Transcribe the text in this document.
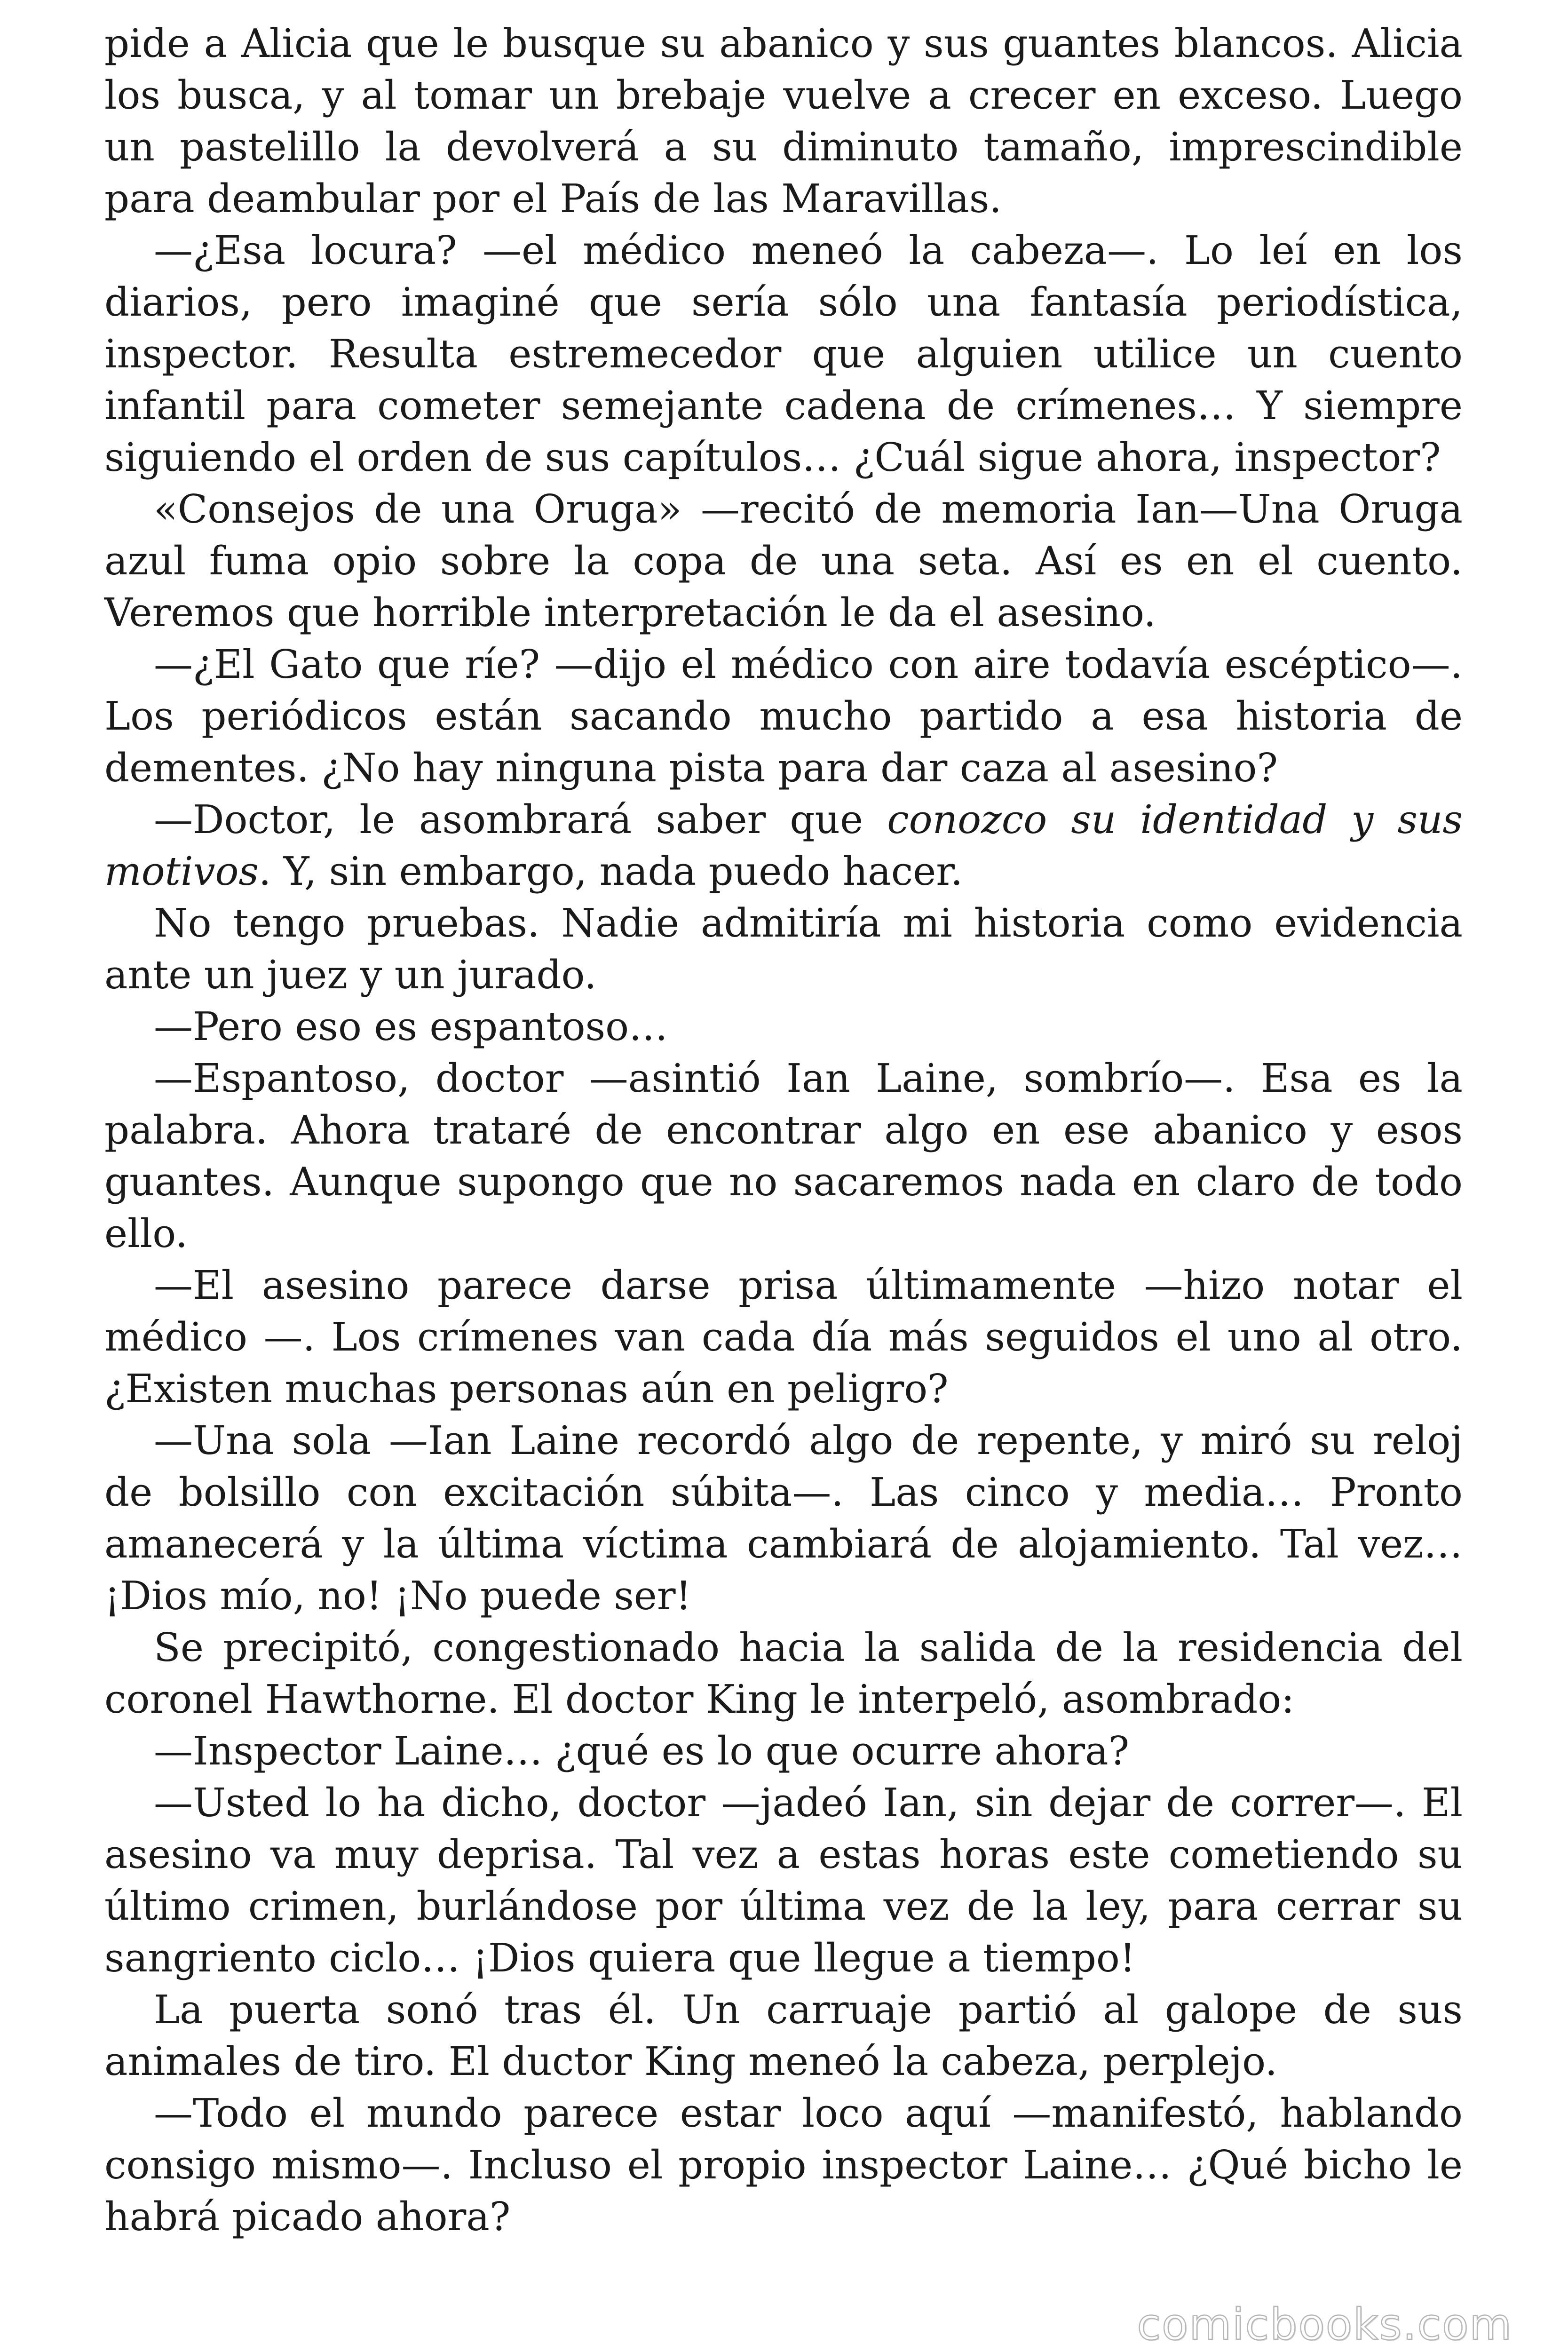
pide a Alicia que le busque su abanico y sus guantes blancos. Alicia los busca, y al tomar un brebaje vuelve a crecer en exceso. Luego un pastelillo la devolverá a su diminuto tamaño, imprescindible para deambular por el País de las Maravillas.

—¿Esa locura? —el médico meneó la cabeza—. Lo leí en los diarios, pero imaginé que sería sólo una fantasía periodística, inspector. Resulta estremecedor que alguien utilice un cuento infantil para cometer semejante cadena de crímenes… Y siempre siguiendo el orden de sus capítulos… ¿Cuál sigue ahora, inspector?

«Consejos de una Oruga» —recitó de memoria Ian—Una Oruga azul fuma opio sobre la copa de una seta. Así es en el cuento. Veremos que horrible interpretación le da el asesino.

—¿El Gato que ríe? —dijo el médico con aire todavía escéptico—. Los periódicos están sacando mucho partido a esa historia de dementes. ¿No hay ninguna pista para dar caza al asesino?

—Doctor, le asombrará saber que conozco su identidad y sus motivos. Y, sin embargo, nada puedo hacer.

No tengo pruebas. Nadie admitiría mi historia como evidencia ante un juez y un jurado.

—Pero eso es espantoso…

—Espantoso, doctor —asintió Ian Laine, sombrío—. Esa es la palabra. Ahora trataré de encontrar algo en ese abanico y esos guantes. Aunque supongo que no sacaremos nada en claro de todo ello.

—El asesino parece darse prisa últimamente —hizo notar el médico —. Los crímenes van cada día más seguidos el uno al otro. ¿Existen muchas personas aún en peligro?

—Una sola —Ian Laine recordó algo de repente, y miró su reloj de bolsillo con excitación súbita—. Las cinco y media… Pronto amanecerá y la última víctima cambiará de alojamiento. Tal vez… ¡Dios mío, no! ¡No puede ser!

Se precipitó, congestionado hacia la salida de la residencia del coronel Hawthorne. El doctor King le interpeló, asombrado:

—Inspector Laine… ¿qué es lo que ocurre ahora?

—Usted lo ha dicho, doctor —jadeó Ian, sin dejar de correr—. El asesino va muy deprisa. Tal vez a estas horas este cometiendo su último crimen, burlándose por última vez de la ley, para cerrar su sangriento ciclo… ¡Dios quiera que llegue a tiempo!

La puerta sonó tras él. Un carruaje partió al galope de sus animales de tiro. El ductor King meneó la cabeza, perplejo.

—Todo el mundo parece estar loco aquí —manifestó, hablando consigo mismo—. Incluso el propio inspector Laine… ¿Qué bicho le habrá picado ahora?

comicbooks.com
